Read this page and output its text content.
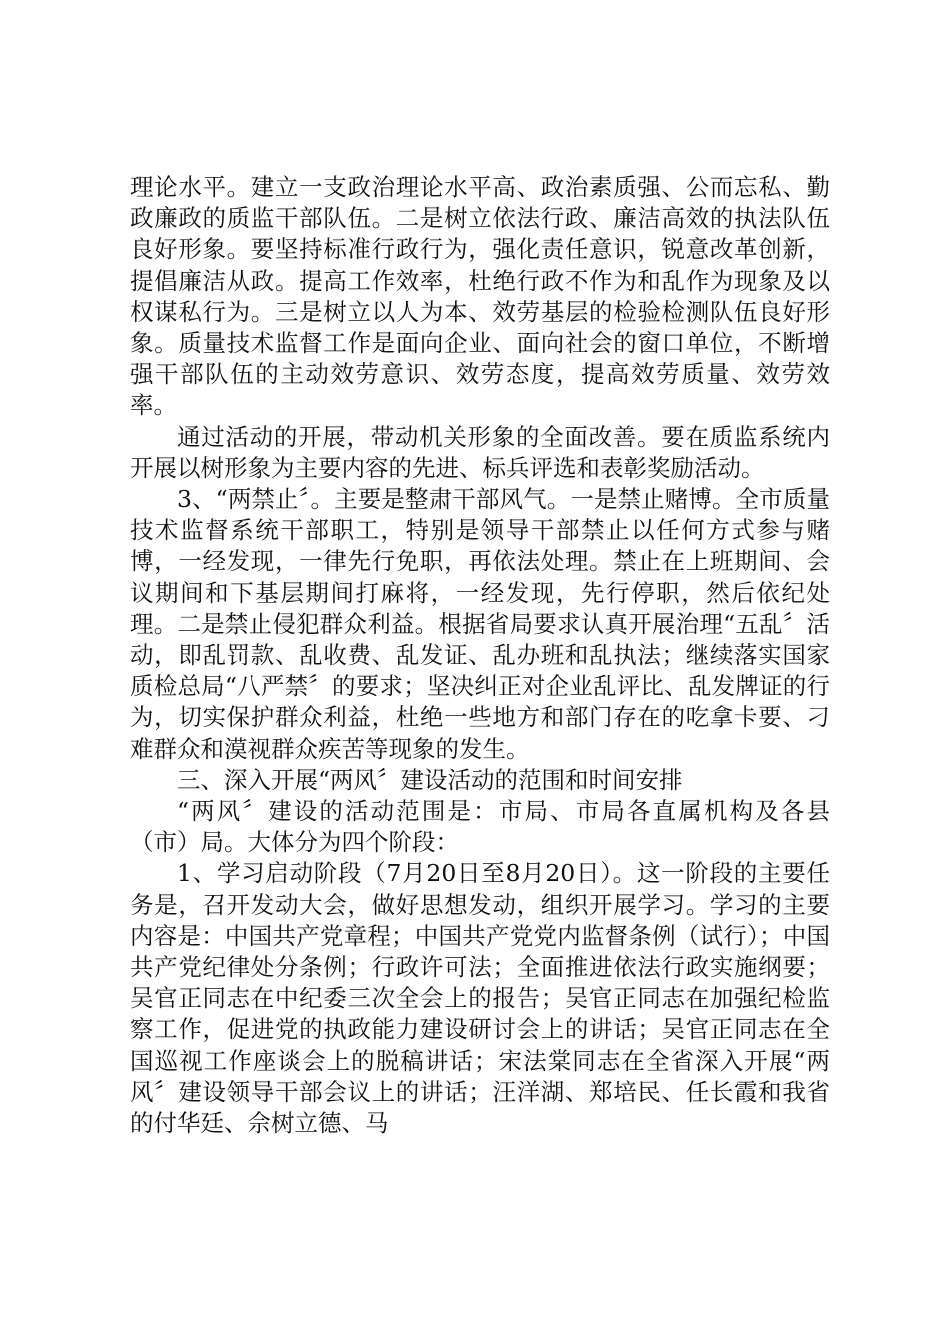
理论水平。建立一支政治理论水平高、政治素质强、公而忘私、勤政廉政的质监干部队伍。二是树立依法行政、廉洁高效的执法队伍良好形象。要坚持标准行政行为，强化责任意识，锐意改革创新，提倡廉洁从政。提高工作效率，杜绝行政不作为和乱作为现象及以权谋私行为。三是树立以人为本、效劳基层的检验检测队伍良好形象。质量技术监督工作是面向企业、面向社会的窗口单位，不断增强干部队伍的主动效劳意识、效劳态度，提高效劳质量、效劳效率。

通过活动的开展，带动机关形象的全面改善。要在质监系统内开展以树形象为主要内容的先进、标兵评选和表彰奖励活动。

3、“两禁止〞。主要是整肃干部风气。一是禁止赌博。全市质量技术监督系统干部职工，特别是领导干部禁止以任何方式参与赌博，一经发现，一律先行免职，再依法处理。禁止在上班期间、会议期间和下基层期间打麻将，一经发现，先行停职，然后依纪处理。二是禁止侵犯群众利益。根据省局要求认真开展治理“五乱〞活动，即乱罚款、乱收费、乱发证、乱办班和乱执法；继续落实国家质检总局“八严禁〞的要求；坚决纠正对企业乱评比、乱发牌证的行为，切实保护群众利益，杜绝一些地方和部门存在的吃拿卡要、刁难群众和漠视群众疾苦等现象的发生。

三、深入开展“两风〞建设活动的范围和时间安排

“两风〞建设的活动范围是：市局、市局各直属机构及各县（市）局。大体分为四个阶段：

1、学习启动阶段（7月20日至8月20日）。这一阶段的主要任务是，召开发动大会，做好思想发动，组织开展学习。学习的主要内容是：中国共产党章程；中国共产党党内监督条例（试行）；中国共产党纪律处分条例；行政许可法；全面推进依法行政实施纲要；吴官正同志在中纪委三次全会上的报告；吴官正同志在加强纪检监察工作，促进党的执政能力建设研讨会上的讲话；吴官正同志在全国巡视工作座谈会上的脱稿讲话；宋法棠同志在全省深入开展“两风〞建设领导干部会议上的讲话；汪洋湖、郑培民、任长霞和我省的付华廷、佘树立德、马
